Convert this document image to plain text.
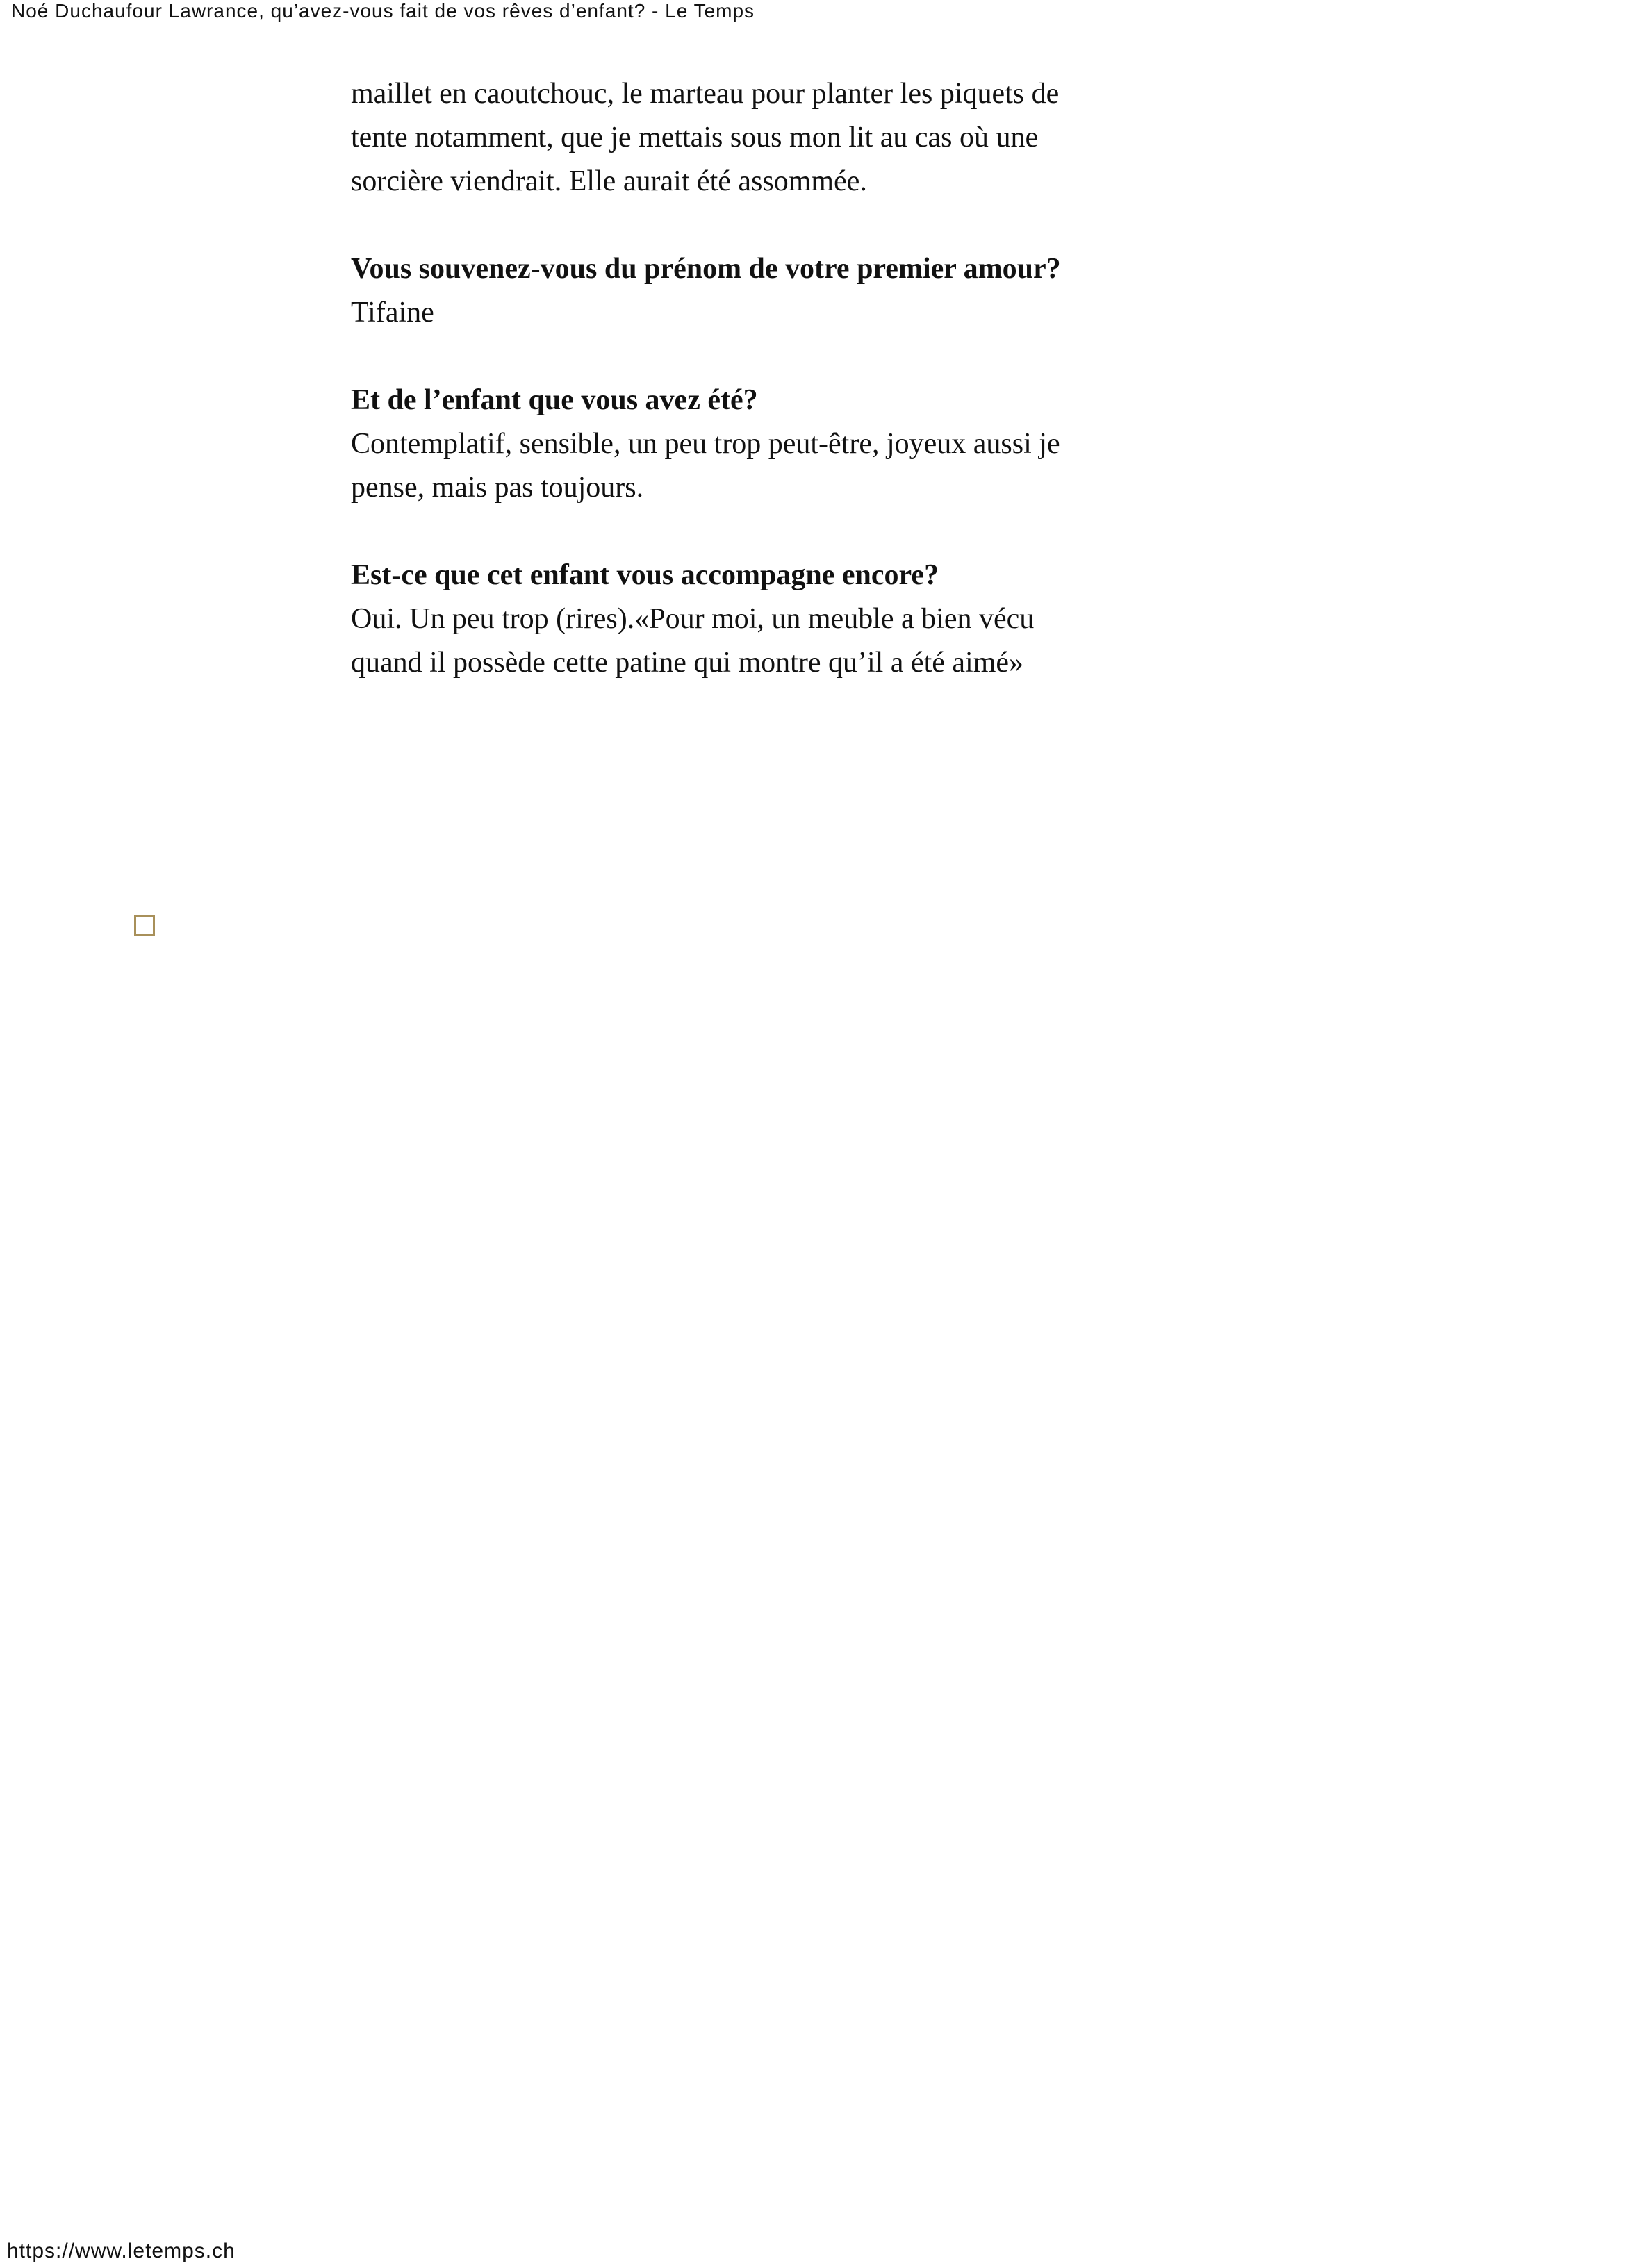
Noé Duchaufour Lawrance, qu’avez-vous fait de vos rêves d’enfant? - Le Temps

maillet en caoutchouc, le marteau pour planter les piquets de
tente notamment, que je mettais sous mon lit au cas où une
sorcière viendrait. Elle aurait été assommée.

Vous souvenez-vous du prénom de votre premier amour?

Tifaine

Et de l’enfant que vous avez été?

Contemplatif, sensible, un peu trop peut-être, joyeux aussi je
pense, mais pas toujours.

Est-ce que cet enfant vous accompagne encore?

Oui. Un peu trop (rires).«Pour moi, un meuble a bien vécu
quand il possède cette patine qui montre qu’il a été aimé»

https://www.letemps.ch
